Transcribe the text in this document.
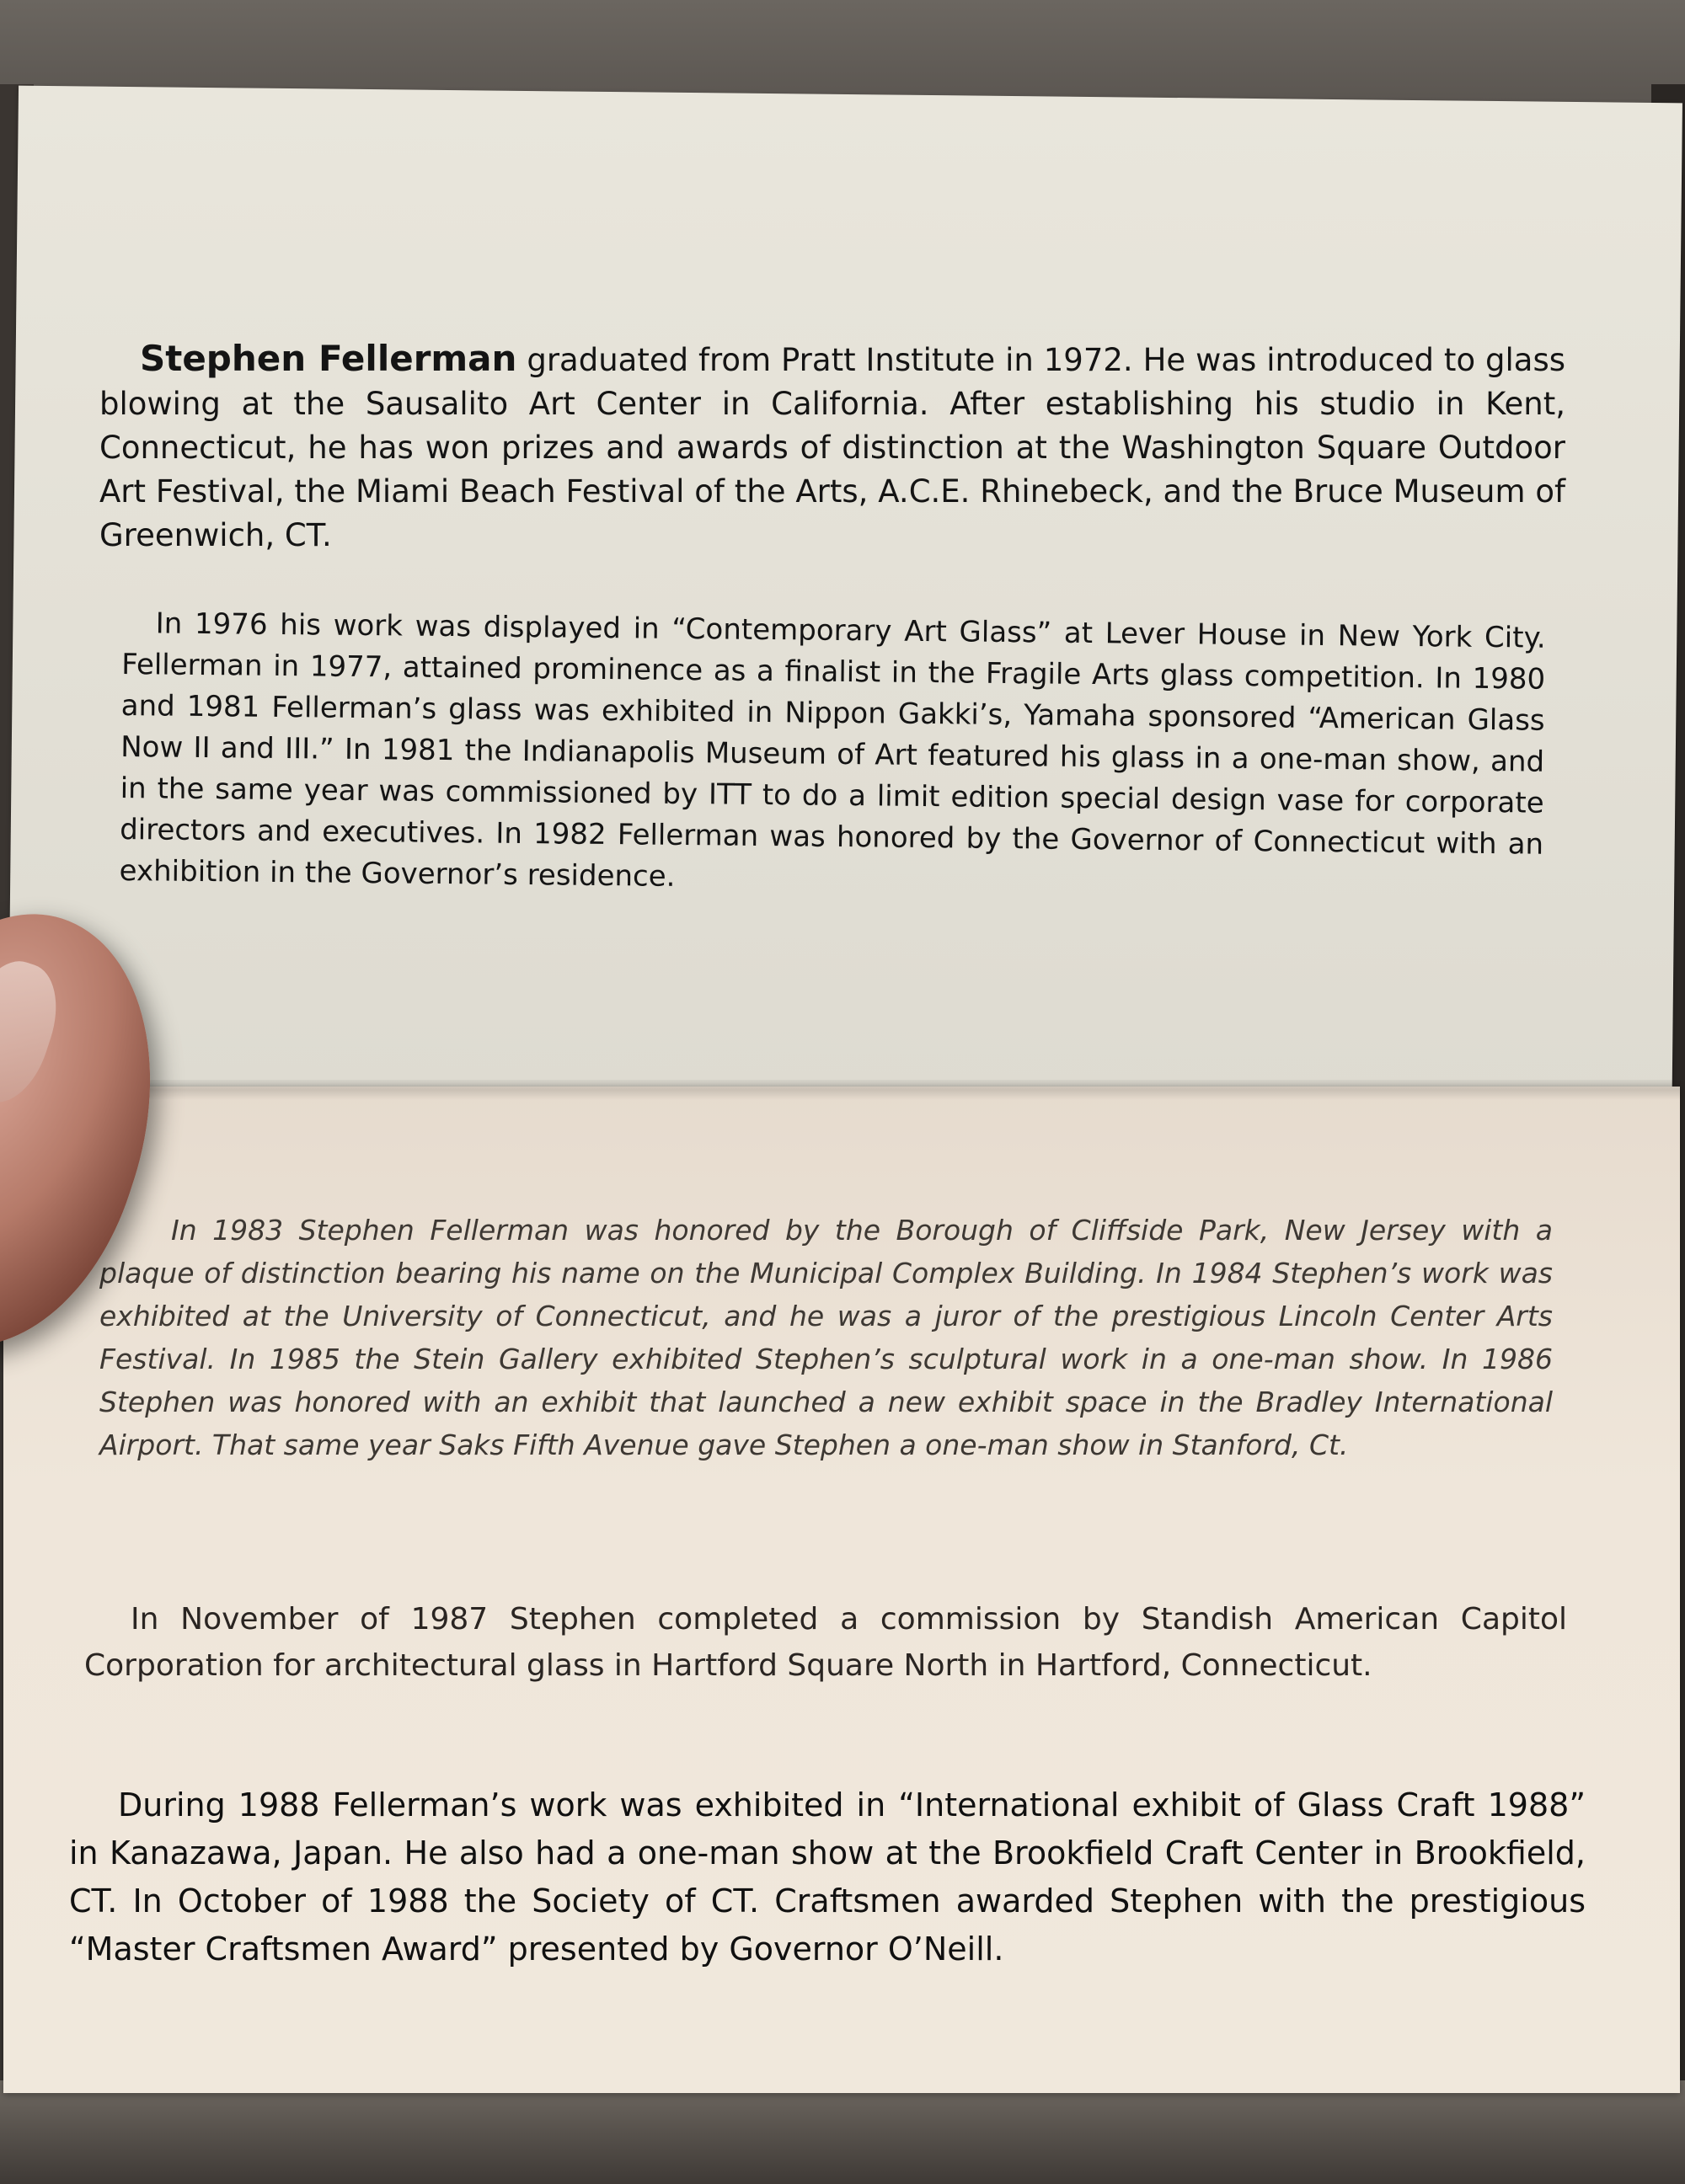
Stephen Fellerman graduated from Pratt Institute in 1972. He was introduced to glass blowing at the Sausalito Art Center in California. After establishing his studio in Kent, Connecticut, he has won prizes and awards of distinction at the Washington Square Outdoor Art Festival, the Miami Beach Festival of the Arts, A.C.E. Rhinebeck, and the Bruce Museum of Greenwich, CT.

In 1976 his work was displayed in “Contemporary Art Glass” at Lever House in New York City. Fellerman in 1977, attained prominence as a finalist in the Fragile Arts glass competition. In 1980 and 1981 Fellerman’s glass was exhibited in Nippon Gakki’s, Yamaha sponsored “American Glass Now II and III.” In 1981 the Indianapolis Museum of Art featured his glass in a one-man show, and in the same year was commissioned by ITT to do a limit edition special design vase for corporate directors and executives. In 1982 Fellerman was honored by the Governor of Connecticut with an exhibition in the Governor’s residence.

In 1983 Stephen Fellerman was honored by the Borough of Cliffside Park, New Jersey with a plaque of distinction bearing his name on the Municipal Complex Building. In 1984 Stephen’s work was exhibited at the University of Connecticut, and he was a juror of the prestigious Lincoln Center Arts Festival. In 1985 the Stein Gallery exhibited Stephen’s sculptural work in a one-man show. In 1986 Stephen was honored with an exhibit that launched a new exhibit space in the Bradley International Airport. That same year Saks Fifth Avenue gave Stephen a one-man show in Stanford, Ct.

In November of 1987 Stephen completed a commission by Standish American Capitol Corporation for architectural glass in Hartford Square North in Hartford, Connecticut.

During 1988 Fellerman’s work was exhibited in “International exhibit of Glass Craft 1988” in Kanazawa, Japan. He also had a one-man show at the Brookfield Craft Center in Brookfield, CT. In October of 1988 the Society of CT. Craftsmen awarded Stephen with the prestigious “Master Craftsmen Award” presented by Governor O’Neill.
